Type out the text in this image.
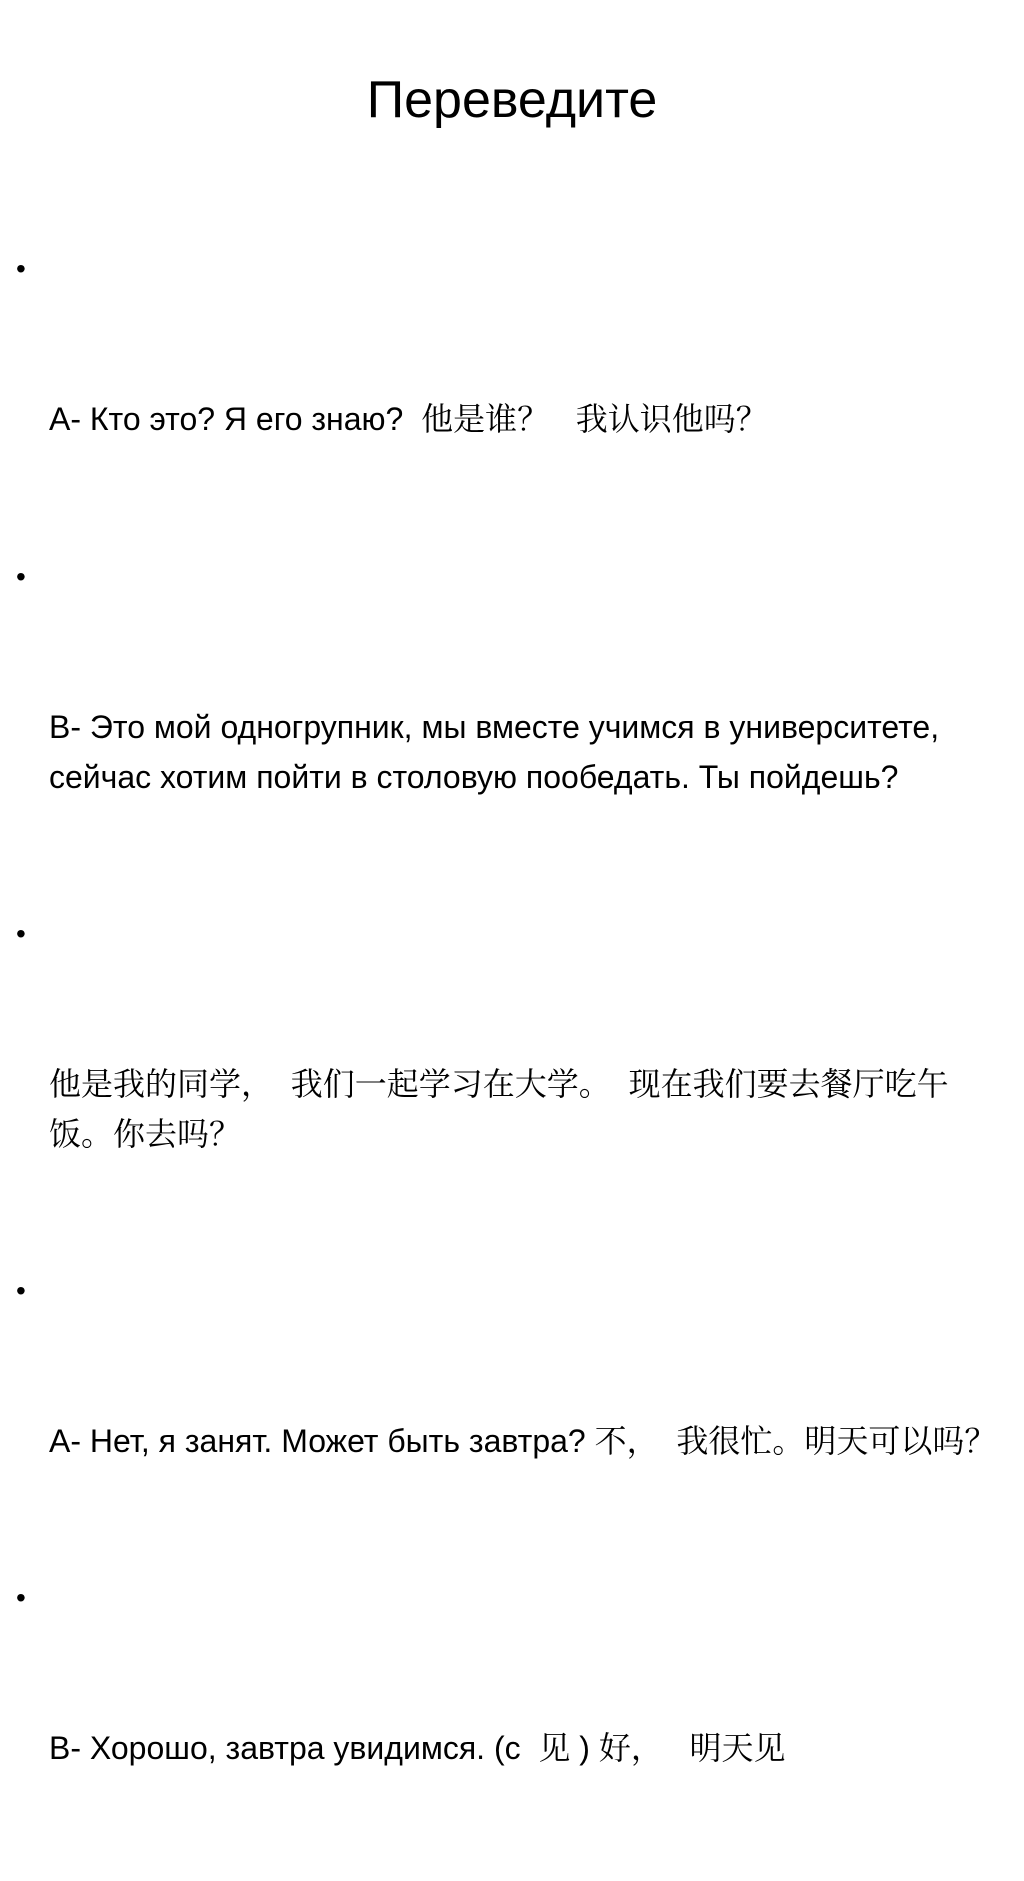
Переведите

•

А- Кто это? Я его знаю?  他是谁？   我认识他吗？

•

В- Это мой одногрупник, мы вместе учимся в университете, сейчас хотим пойти в столовую пообедать. Ты пойдешь?

•

他是我的同学，  我们一起学习在大学。  现在我们要去餐厅吃午饭。你去吗？

•

А- Нет, я занят. Может быть завтра? 不，  我很忙。明天可以吗？

•

В- Хорошо, завтра увидимся. (с  见 ) 好，   明天见
